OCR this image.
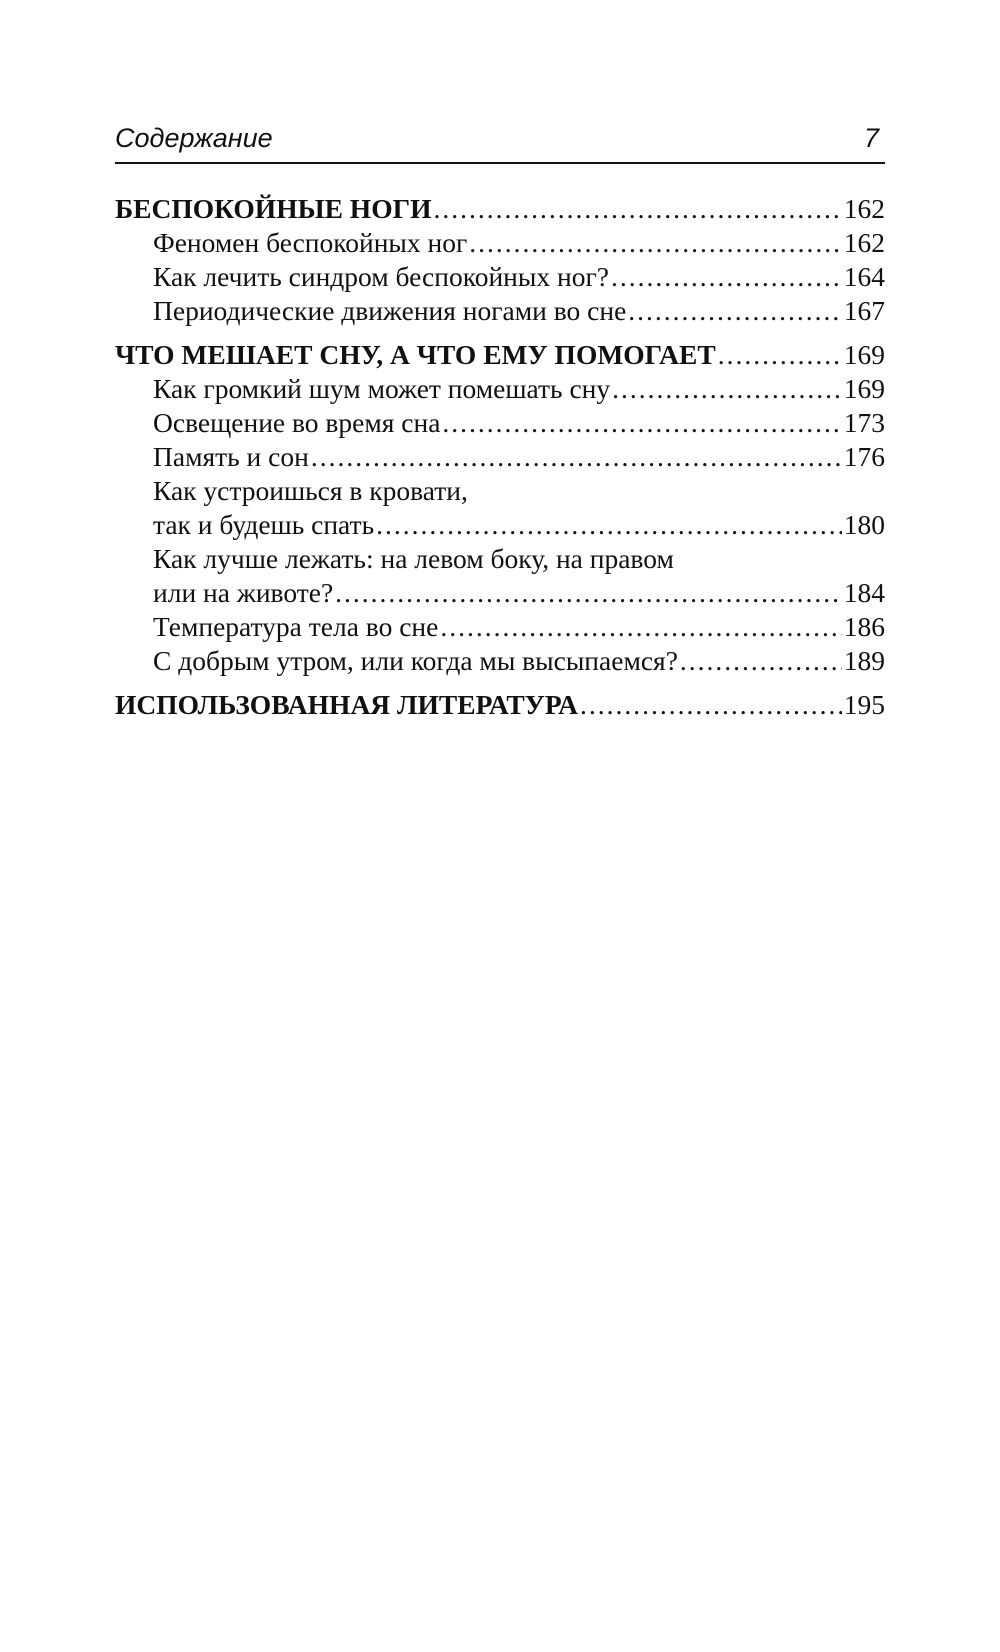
Содержание	7
БЕСПОКОЙНЫЕ НОГИ .....	162
Феномен беспокойных ног .....	162
Как лечить синдром беспокойных ног? .....	164
Периодические движения ногами во сне .....	167
ЧТО МЕШАЕТ СНУ, А ЧТО ЕМУ ПОМОГАЕТ .....	169
Как громкий шум может помешать сну .....	169
Освещение во время сна .....	173
Память и сон .....	176
Как устроишься в кровати,
так и будешь спать .....	180
Как лучше лежать: на левом боку, на правом
или на животе? .....	184
Температура тела во сне .....	186
С добрым утром, или когда мы высыпаемся? .....	189
ИСПОЛЬЗОВАННАЯ ЛИТЕРАТУРА .....	195
